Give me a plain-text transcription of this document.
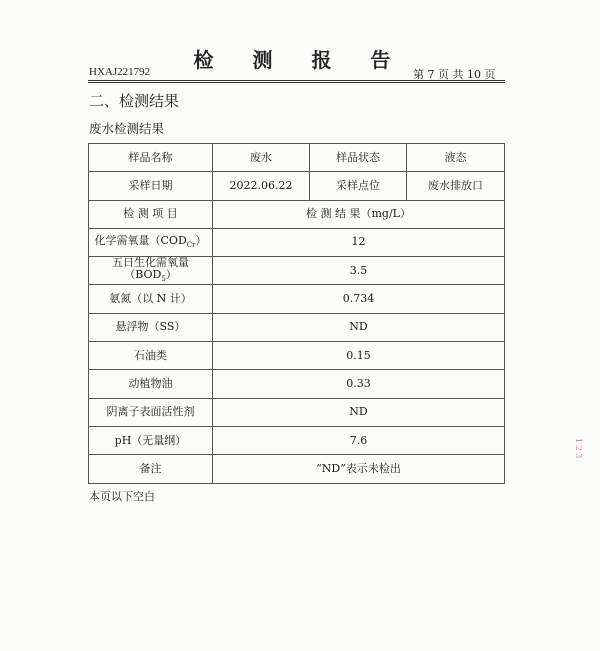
检 测 报 告
HXAJ221792	第 7 页 共 10 页
二、检测结果
废水检测结果
样品名称	废水	样品状态	液态
采样日期	2022.06.22	采样点位	废水排放口
检 测 项 目	检 测 结 果（mg/L）		
化学需氧量$(COD_{Cr})$	12		
五日生化需氧量$(BOD_5)$	3.5		
氨氮（以 N 计）	0.734		
悬浮物（SS）	ND		
石油类	0.15		
动植物油	0.33		
阴离子表面活性剂	ND		
pH（无量纲）	7.6		
备注	“ND”表示未检出		
本页以下空白
1 2 3
